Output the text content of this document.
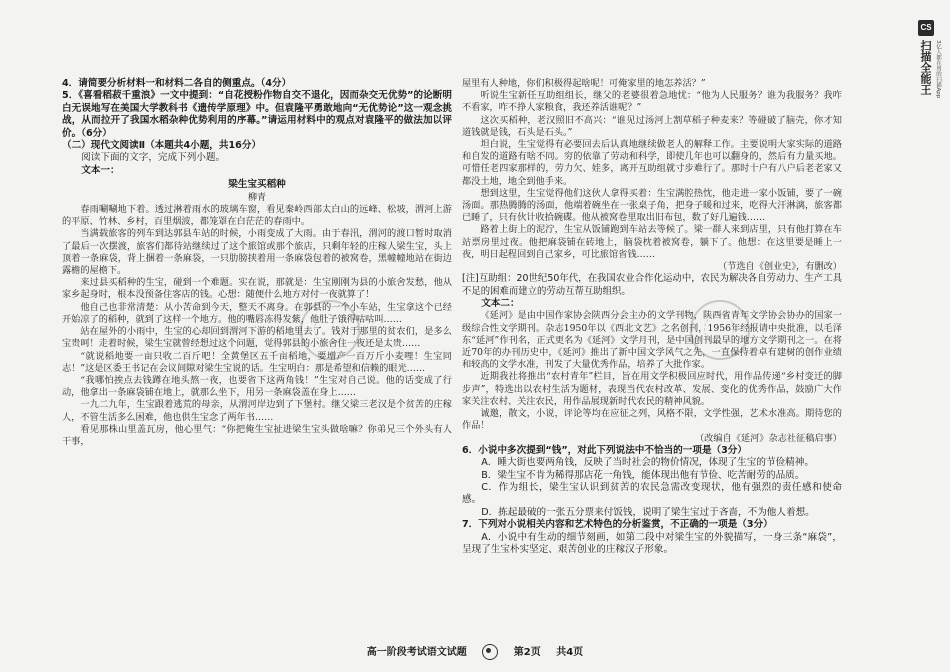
CS
扫描全能王 3亿人都在用的扫描App

4．请简要分析材料一和材料二各自的侧重点。（4分）

5．《喜看稻菽千重浪》一文中提到：“自花授粉作物自交不退化，因而杂交无优势”的论断明白无误地写在美国大学教科书《遗传学原理》中。但袁隆平勇敢地向“无优势论”这一观念挑战，从而拉开了我国水稻杂种优势利用的序幕。”请运用材料中的观点对袁隆平的做法加以评价。（6分）

（二）现代文阅读Ⅱ（本题共4小题，共16分）

阅读下面的文字，完成下列小题。

文本一：

梁生宝买稻种

柳青

春雨唰唰地下着。透过淋着雨水的玻璃车窗，看见秦岭西部太白山的远峰、松坡，渭河上游的平原、竹林、乡村，百里烟波，都笼罩在白茫茫的春雨中。

当满载旅客的列车到达郭县车站的时候，小雨变成了大雨。由于春汛，渭河的渡口暂时取消了最后一次摆渡，旅客们都待站继续过了这个旅馆或那个旅店，只剩年轻的庄稼人梁生宝，头上顶着一条麻袋，背上捆着一条麻袋，一只肋膀挟着用一条麻袋包着的被窝卷，黑幢幢地站在街边露檐的屋檐下。

来过县买稻种的生宝，碰到一个难题。实在说，那就是：生宝刚刚为县的小旅舍发愁，他从家乡起身时，根本没预备住客店的钱。心想：随便什么地方对付一夜就算了！

他自己也非常清楚：从小苦命到今天，整天不离身。在郭县的一个小车站，生宝拿这个已经开始凉了的稻种，就到了这样一个地方。他的嘴唇冻得发紫，他肚子饿得咕咕叫……

站在屋外的小雨中，生宝的心却回到渭河下游的稻地里去了。钱对于那里的贫农们，是多么宝贵呵！走着时候，梁生宝就曾经想过这个问题，觉得郭县的小旅舍住一夜还是太贵……

“就说稻地要一亩只收二百斤吧！全黄堡区五千亩稻地，要增产一百万斤小麦哩！生宝同志！”这是区委王书记在会议间隙对梁生宝说的话。生宝明白：那是希望和信赖的眼光……

“我哪怕挨点去钱蹲在地头熬一夜，也要省下这两角钱！”生宝对自己说。他的话变成了行动，他拿出一条麻袋铺在地上，就那么坐下，用另一条麻袋盖在身上……

一九二九年，生宝跟着逃荒的母亲，从渭河岸边到了下堡村。继父梁三老汉是个贫苦的庄稼人，不管生活多么困难，他也供生宝念了两年书……

看见那株山里盖瓦房，他心里气：“你把俺生宝扯进梁生宝头做啥嘛？你弟兄三个外头有人干事，

屋里有人种地，你们积极得起啥呢！可俺家里的地怎养活？”

听说生宝新任互助组组长，继父的老婆很着急地忧：“他为人民服务？谁为我服务？我咋不看家，咋不挣人家粮食，我还养活谁呢？”

这次买稻种，老汉照旧不高兴：“谁见过汤河上割草稻子种麦来？等碰破了脑壳，你才知道钱就是钱，石头是石头。”

坦白说，生宝觉得有必要回去后认真地继续做老人的解释工作。主要说明大家实际的道路和自发的道路有啥不同。穷的依靠了劳动和科学，即使几年也可以翻身的，然后有力量买地。可惜任老四家那样的，劳力欠、娃多，离开互助组就寸步难行了。那时十户有八户后老老家又都没土地，地全到他手来。

想到这里，生宝觉得他们这伙人拿得买着：生宝满腔热忱，他走进一家小饭铺，要了一碗汤面。那热腾腾的汤面，他端着碗坐在一张桌子角，把身子暖和过来，吃得大汗淋漓，旅客都已睡了，只有伙计收拾碗碟。他从被窝卷里取出旧布包，数了好几遍钱……

路着上街上的泥泞，生宝从饭铺跑到车站去等候了。梁一群人来到店里，只有他打算在车站票房里过夜。他把麻袋铺在砖地上，脑袋枕着被窝卷，躺下了。他想：在这里要是睡上一夜，明日起程回到自己家乡，可比旅馆省钱……

（节选自《创业史》，有删改）

[注]互助组：20世纪50年代，在我国农业合作化运动中，农民为解决各自劳动力、生产工具不足的困难而建立的劳动互帮互助组织。

文本二：

《延河》是由中国作家协会陕西分会主办的文学刊物，陕西省青年文学协会协办的国家一级综合性文学期刊。杂志1950年以《西北文艺》之名创刊，1956年经报请中央批准，以毛泽东“延河”作刊名，正式更名为《延河》文学月刊，是中国创刊最早的地方文学期刊之一。在将近70年的办刊历史中，《延河》推出了新中国文学风气之先，一直保持着卓有建树的创作业绩和较高的文学水准，刊发了大量优秀作品，培养了大批作家。

近期我社将推出“农村青年”栏目，旨在用文学积极回应时代，用作品传递“乡村变迁的脚步声”，特选出以农村生活为题材，表现当代农村改革、发展、变化的优秀作品，鼓励广大作家关注农村、关注农民，用作品展现新时代农民的精神风貌。

诚邀，散文，小说，评论等均在应征之列，风格不限，文学性强，艺术水准高。期待您的作品！

（改编自《延河》杂志社征稿启事）

6．小说中多次提到“钱”，对此下列说法中不恰当的一项是（3分）

A．睡大街也要两角钱，反映了当时社会的物价情况，体现了生宝的节俭精神。

B．梁生宝不肯为稀得那店花一角钱，能体现出他有节俭、吃苦耐劳的品质。

C．作为组长，梁生宝认识到贫苦的农民急需改变现状，他有强烈的责任感和使命感。

D．拣起最破的一张五分票来付饭钱，说明了梁生宝过于吝啬，不为他人着想。

7．下列对小说相关内容和艺术特色的分析鉴赏，不正确的一项是（3分）

A．小说中有生动的细节刻画，如第二段中对梁生宝的外貌描写，一身三条“麻袋”，呈现了生宝朴实坚定、艰苦创业的庄稼汉子形象。

高一阶段考试语文试题	第2页 共4页
